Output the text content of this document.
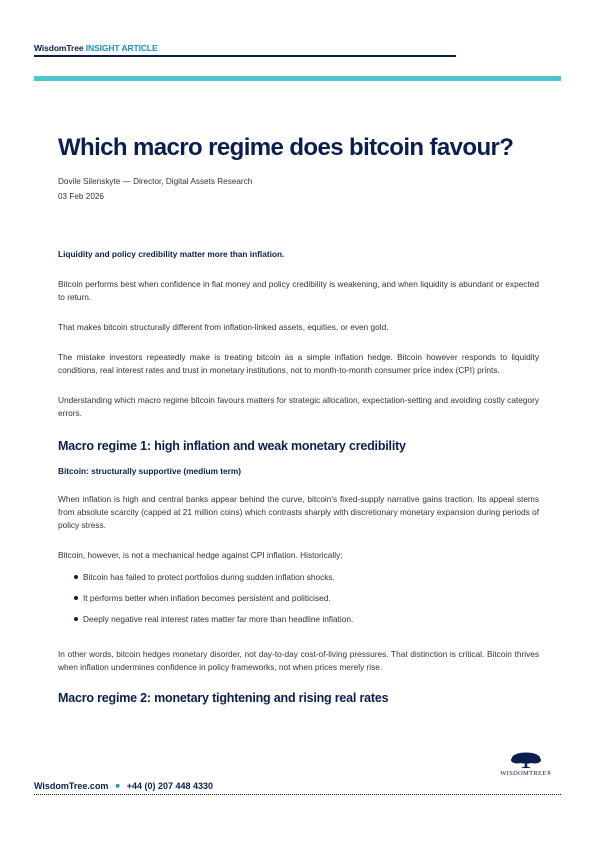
WisdomTree INSIGHT ARTICLE
Which macro regime does bitcoin favour?
Dovile Silenskyte — Director, Digital Assets Research
03 Feb 2026

Liquidity and policy credibility matter more than inflation.

Bitcoin performs best when confidence in fiat money and policy credibility is weakening, and when liquidity is abundant or expected to return.

That makes bitcoin structurally different from inflation-linked assets, equities, or even gold.

The mistake investors repeatedly make is treating bitcoin as a simple inflation hedge. Bitcoin however responds to liquidity conditions, real interest rates and trust in monetary institutions, not to month-to-month consumer price index (CPI) prints.

Understanding which macro regime bitcoin favours matters for strategic allocation, expectation-setting and avoiding costly category errors.

Macro regime 1: high inflation and weak monetary credibility
Bitcoin: structurally supportive (medium term)

When inflation is high and central banks appear behind the curve, bitcoin's fixed-supply narrative gains traction. Its appeal stems from absolute scarcity (capped at 21 million coins) which contrasts sharply with discretionary monetary expansion during periods of policy stress.

Bitcoin, however, is not a mechanical hedge against CPI inflation. Historically:

Bitcoin has failed to protect portfolios during sudden inflation shocks.
It performs better when inflation becomes persistent and politicised.
Deeply negative real interest rates matter far more than headline inflation.

In other words, bitcoin hedges monetary disorder, not day-to-day cost-of-living pressures. That distinction is critical. Bitcoin thrives when inflation undermines confidence in policy frameworks, not when prices merely rise.

Macro regime 2: monetary tightening and rising real rates
WISDOMTREE®
WisdomTree.com ■ +44 (0) 207 448 4330
